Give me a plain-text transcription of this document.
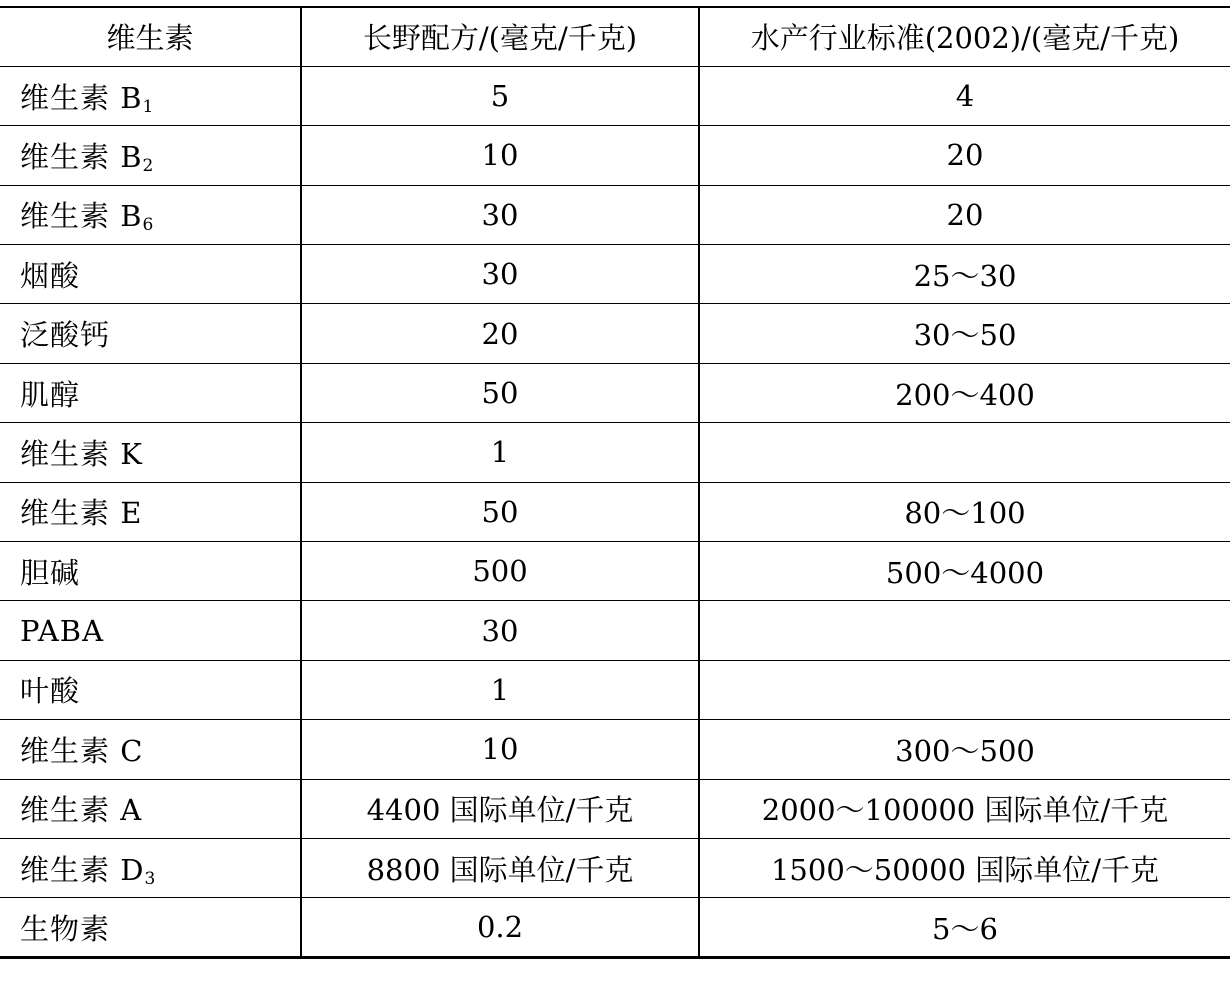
维生素	长野配方/(毫克/千克)	水产行业标准(2002)/(毫克/千克)
维生素 $B_1$	5	4
维生素 $B_2$	10	20
维生素 $B_6$	30	20
烟酸	30	25～30
泛酸钙	20	30～50
肌醇	50	200～400
维生素 K	1	
维生素 E	50	80～100
胆碱	500	500～4000
PABA	30	
叶酸	1	
维生素 C	10	300～500
维生素 A	4400 国际单位/千克	2000～100000 国际单位/千克
维生素 $D_3$	8800 国际单位/千克	1500～50000 国际单位/千克
生物素	0.2	5～6
